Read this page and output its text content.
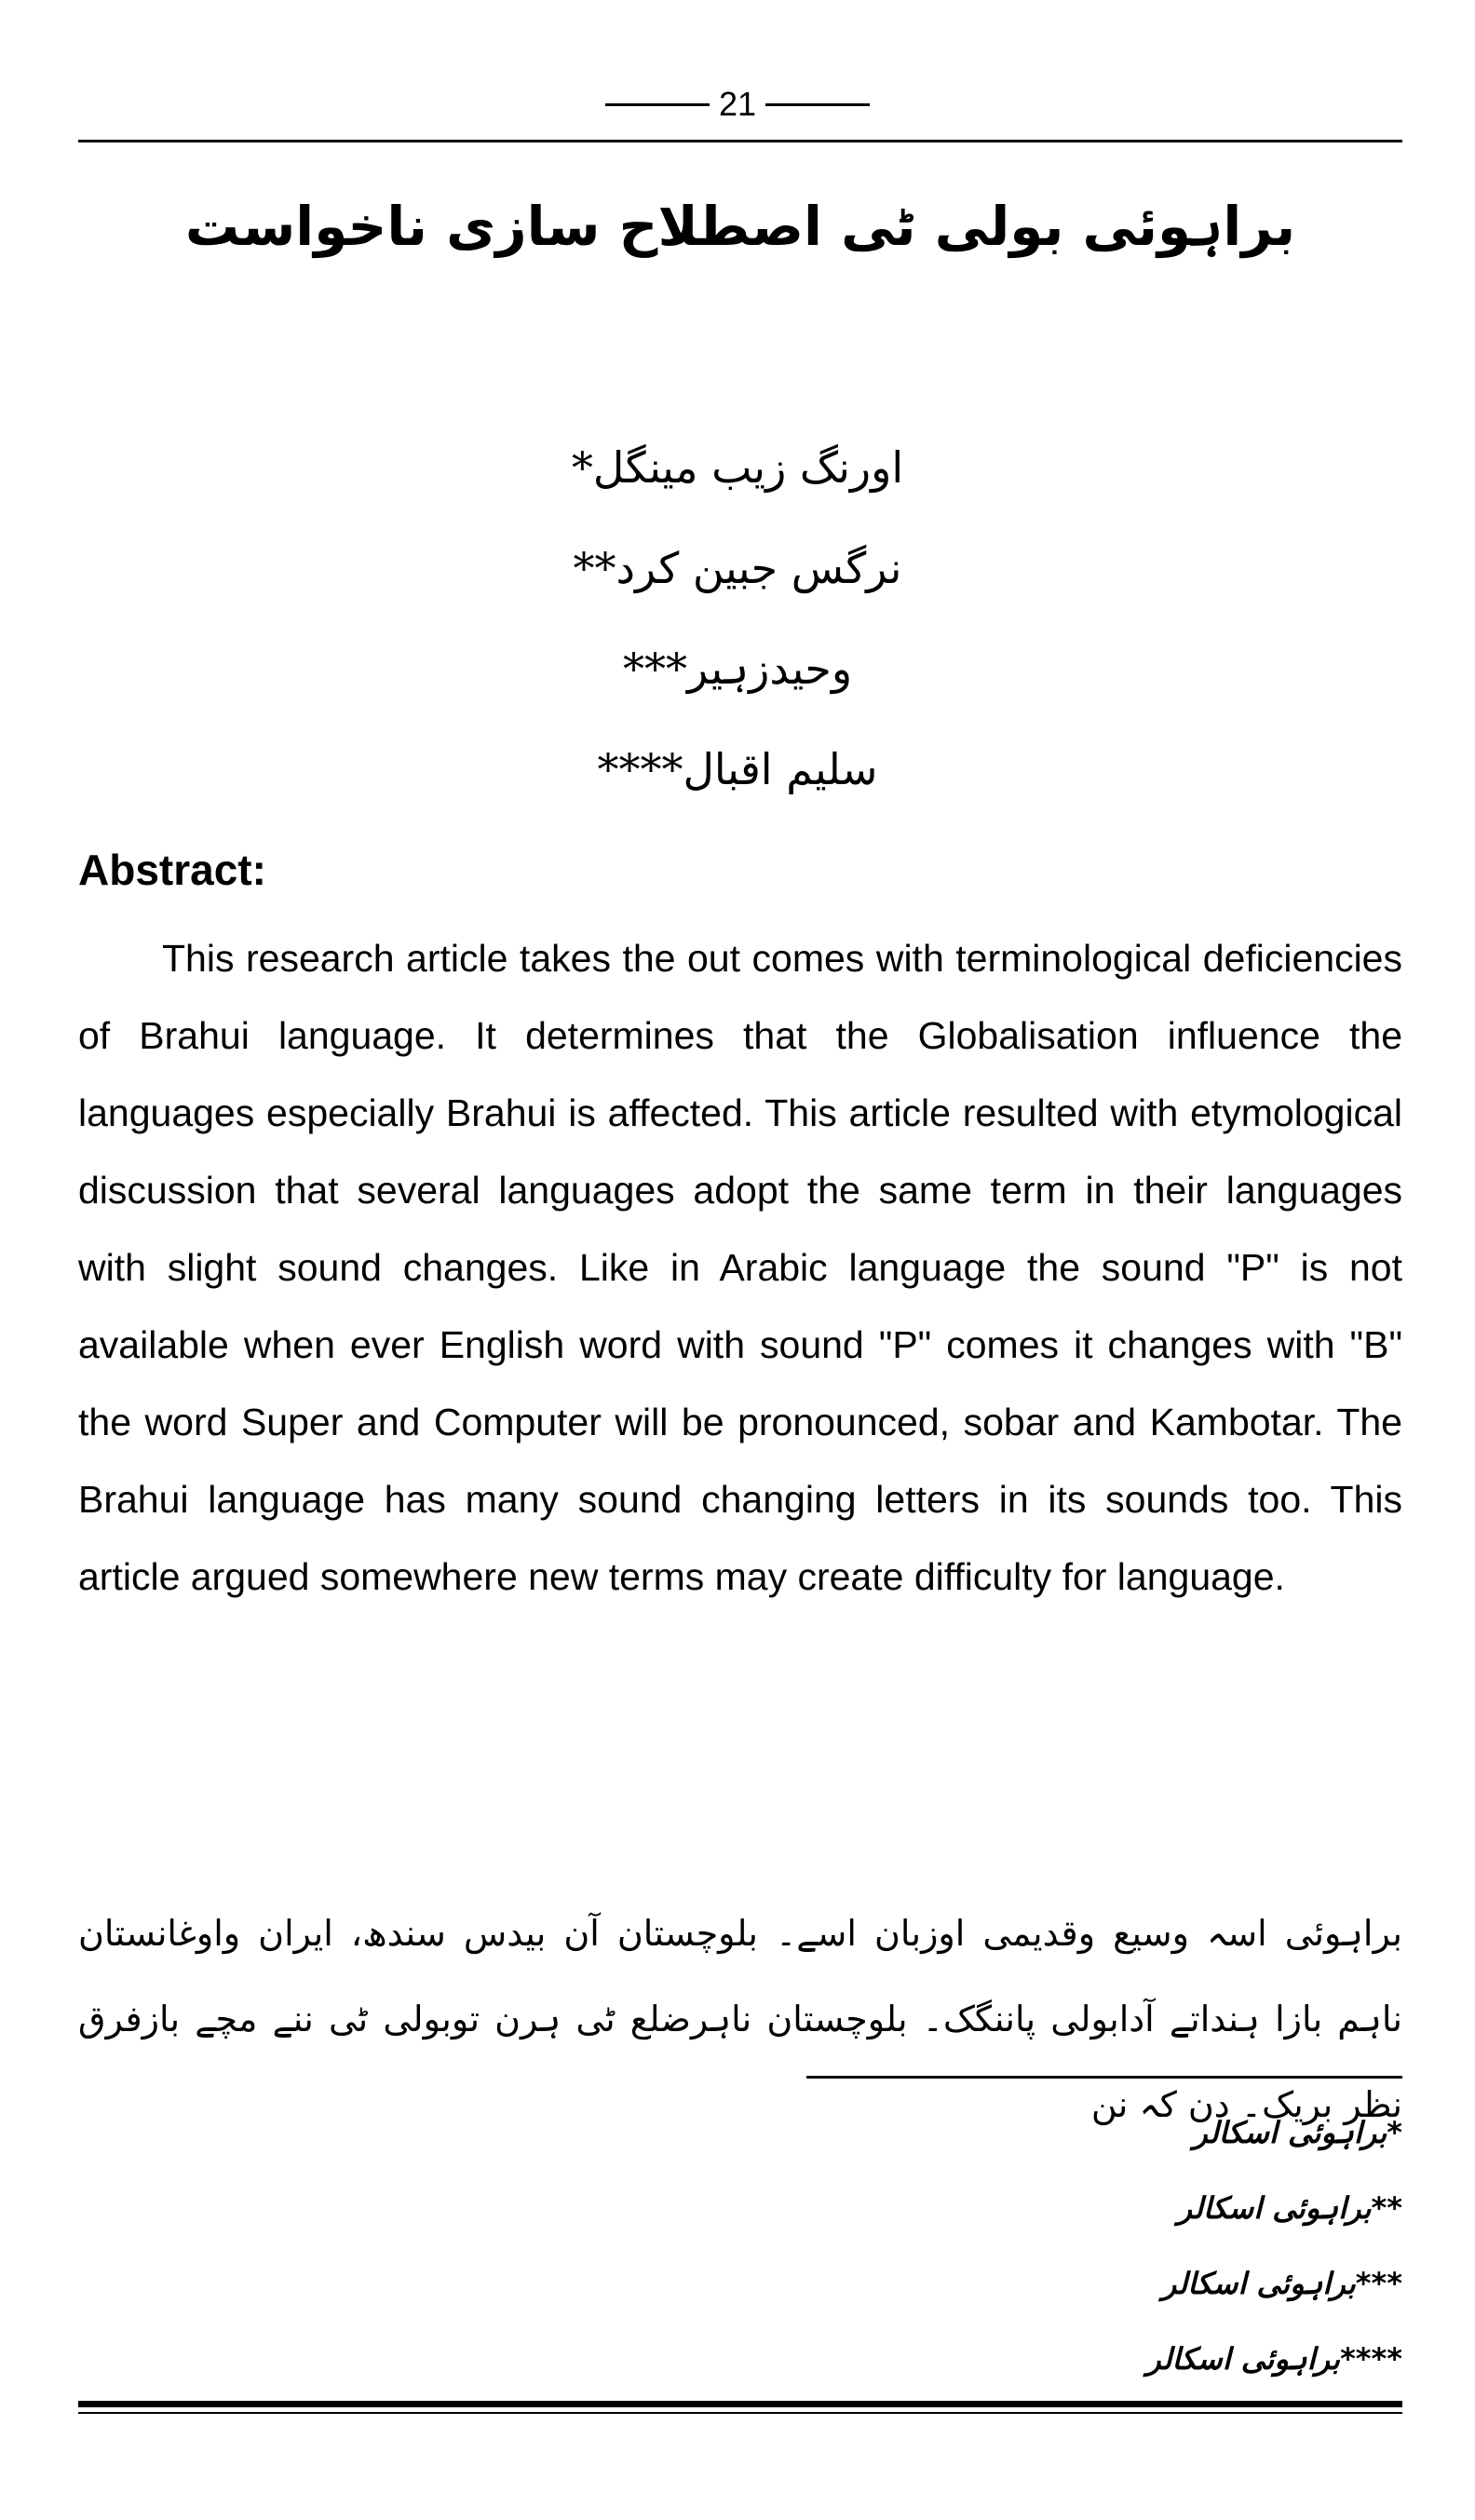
21
براہوئی بولی ٹی اصطلاح سازی ناخواست
اورنگ زیب مینگل*
نرگس جبین کرد**
وحیدزہیر***
سلیم اقبال****
Abstract:

This research article takes the out comes with terminological deficiencies of Brahui language. It determines that the Globalisation influence the languages especially Brahui is affected. This article resulted with etymological discussion that several languages adopt the same term in their languages with slight sound changes. Like in Arabic language the sound "P" is not available when ever English word with sound "P" comes it changes with "B" the word Super and Computer will be pronounced, sobar and Kambotar. The Brahui language has many sound changing letters in its sounds too. This article argued somewhere new terms may create difficulty for language.

براہوئی اسہ وسیع وقدیمی اوزبان اسے۔ بلوچستان آن بیدس سندھ، ایران واوغانستان ناہم بازا ہنداتے آدابولی پاننگک۔ بلوچستان ناہرضلع ٹی ہرن توبولی ٹی ننے مچے بازفرق نظر بریک۔ دن کہ نن

*براہوئی اسکالر
**براہوئی اسکالر
***براہوئی اسکالر
****براہوئی اسکالر
